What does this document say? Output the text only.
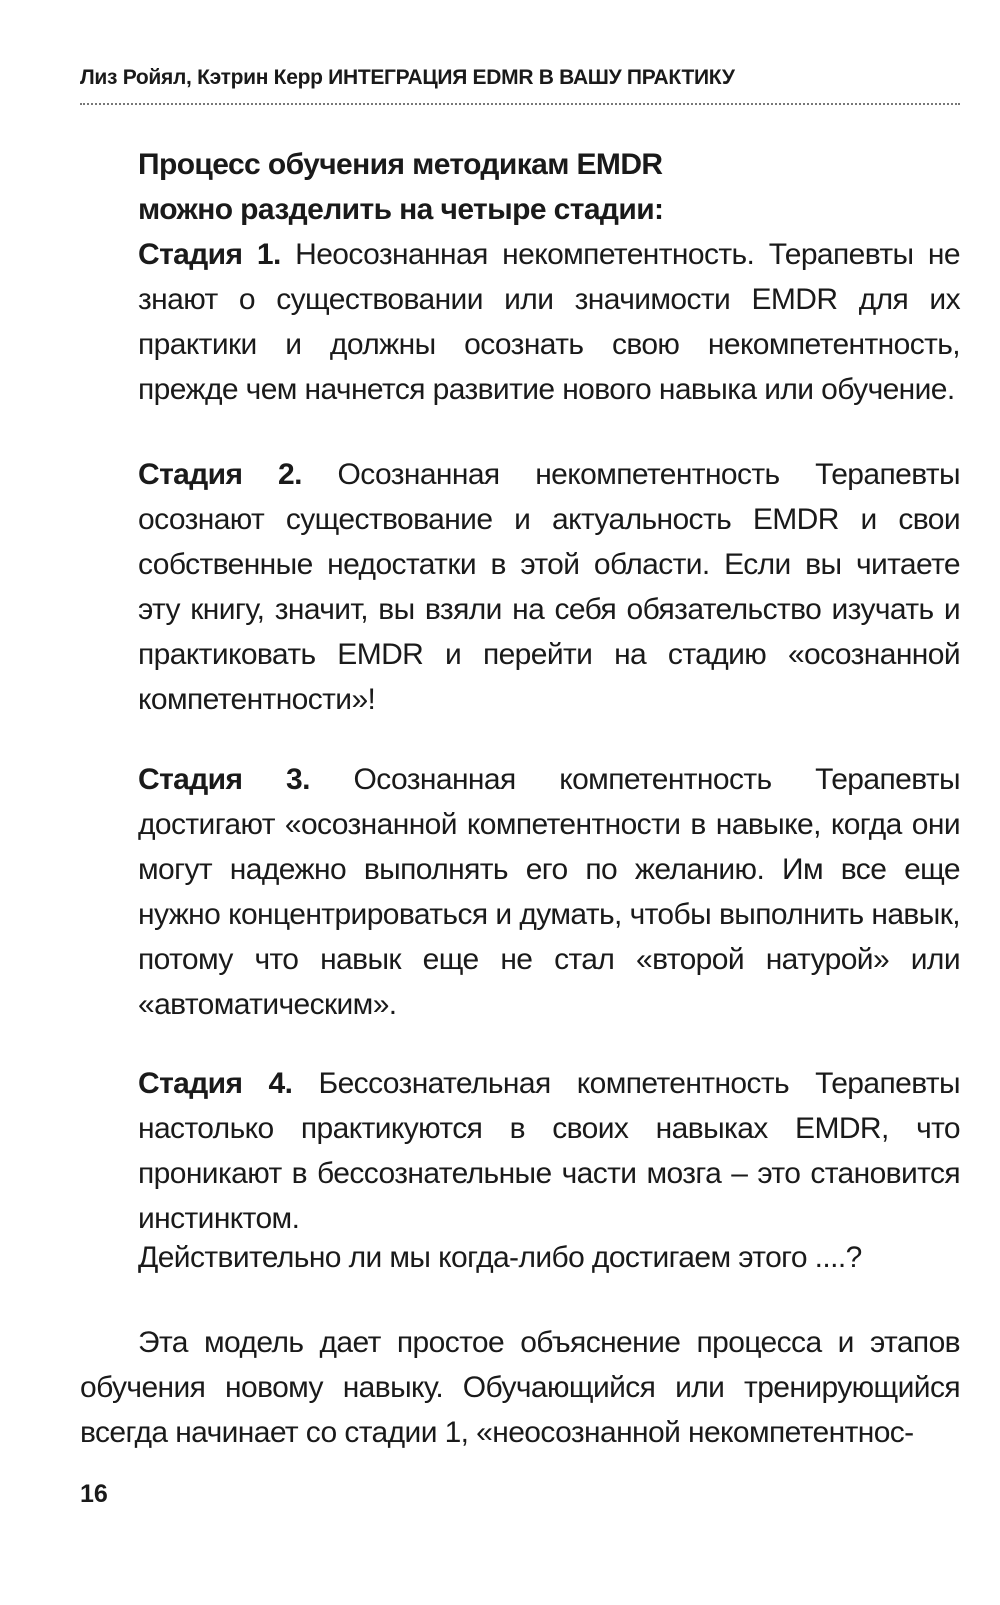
Лиз Ройял, Кэтрин Керр ИНТЕГРАЦИЯ EDMR В ВАШУ ПРАКТИКУ
Процесс обучения методикам EMDR
можно разделить на четыре стадии:
Стадия 1. Неосознанная некомпетентность. Терапевты не знают о существовании или значимости EMDR для их практики и должны осознать свою некомпетентность, прежде чем начнется развитие нового навыка или обучение.
Стадия 2. Осознанная некомпетентность Терапевты осознают существование и актуальность EMDR и свои собственные недостатки в этой области. Если вы читаете эту книгу, значит, вы взяли на себя обязательство изучать и практиковать EMDR и перейти на стадию «осознанной компетентности»!
Стадия 3. Осознанная компетентность Терапевты достигают «осознанной компетентности в навыке, когда они могут надежно выполнять его по желанию. Им все еще нужно концентрироваться и думать, чтобы выполнить навык, потому что навык еще не стал «второй натурой» или «автоматическим».
Стадия 4. Бессознательная компетентность Терапевты настолько практикуются в своих навыках EMDR, что проникают в бессознательные части мозга – это становится инстинктом.
Действительно ли мы когда-либо достигаем этого ....?
Эта модель дает простое объяснение процесса и этапов обучения новому навыку. Обучающийся или тренирующийся всегда начинает со стадии 1, «неосознанной некомпетентнос-
16
